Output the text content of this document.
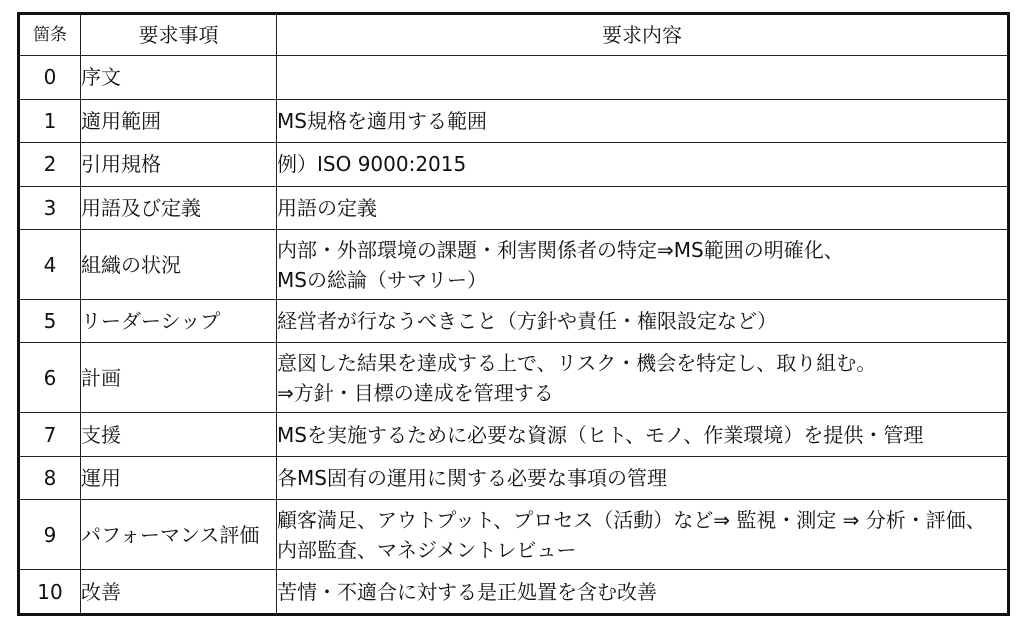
箇条	要求事項	要求内容
0	序文	

1	適用範囲	MS規格を適用する範囲

2	引用規格	例）ISO 9000:2015

3	用語及び定義	用語の定義

4	組織の状況	内部・外部環境の課題・利害関係者の特定⇒MS範囲の明確化、
MSの総論（サマリー）

5	リーダーシップ	経営者が行なうべきこと（方針や責任・権限設定など）

6	計画	意図した結果を達成する上で、リスク・機会を特定し、取り組む。
⇒方針・目標の達成を管理する

7	支援	MSを実施するために必要な資源（ヒト、モノ、作業環境）を提供・管理

8	運用	各MS固有の運用に関する必要な事項の管理

9	パフォーマンス評価	顧客満足、アウトプット、プロセス（活動）など⇒ 監視・測定 ⇒ 分析・評価、
内部監査、マネジメントレビュー

10	改善	苦情・不適合に対する是正処置を含む改善
